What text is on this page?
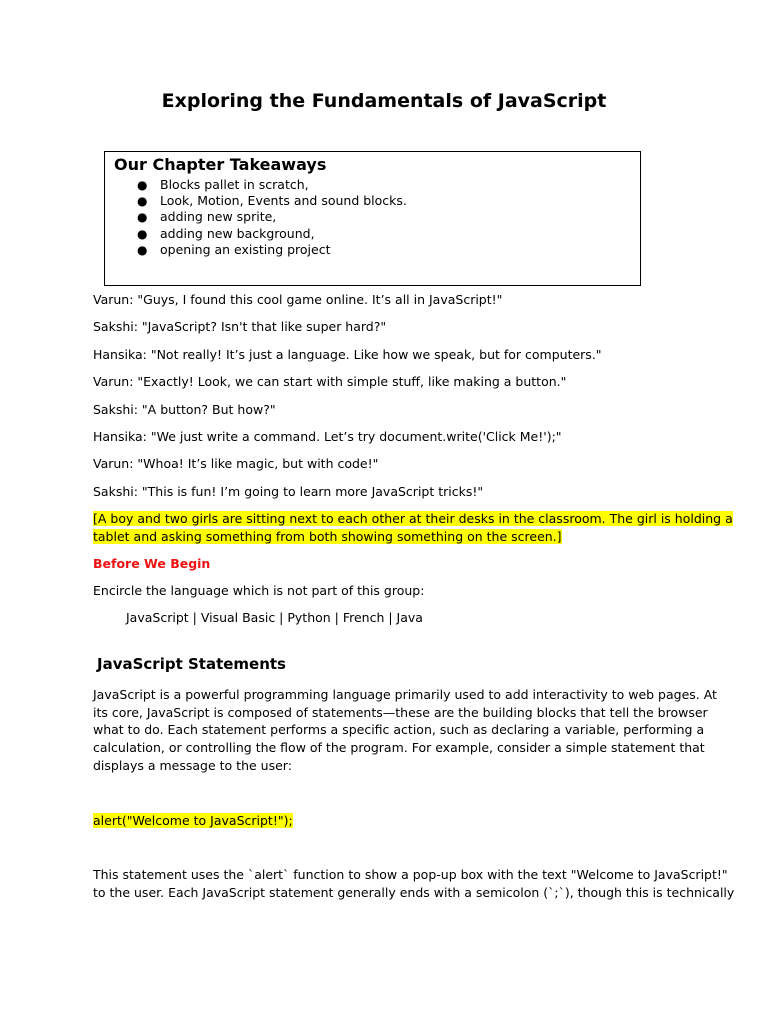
Exploring the Fundamentals of JavaScript
Our Chapter Takeaways
● Blocks pallet in scratch,
● Look, Motion, Events and sound blocks.
● adding new sprite,
● adding new background,
● opening an existing project
Varun: "Guys, I found this cool game online. It’s all in JavaScript!"
Sakshi: "JavaScript? Isn't that like super hard?"
Hansika: "Not really! It’s just a language. Like how we speak, but for computers."
Varun: "Exactly! Look, we can start with simple stuff, like making a button."
Sakshi: "A button? But how?"
Hansika: "We just write a command. Let’s try document.write('Click Me!');"
Varun: "Whoa! It’s like magic, but with code!"
Sakshi: "This is fun! I’m going to learn more JavaScript tricks!"
[A boy and two girls are sitting next to each other at their desks in the classroom. The girl is holding a
tablet and asking something from both showing something on the screen.]
Before We Begin
Encircle the language which is not part of this group:
JavaScript | Visual Basic | Python | French | Java
JavaScript Statements
JavaScript is a powerful programming language primarily used to add interactivity to web pages. At
its core, JavaScript is composed of statements—these are the building blocks that tell the browser
what to do. Each statement performs a specific action, such as declaring a variable, performing a
calculation, or controlling the flow of the program. For example, consider a simple statement that
displays a message to the user:
alert("Welcome to JavaScript!");
This statement uses the `alert` function to show a pop-up box with the text "Welcome to JavaScript!"
to the user. Each JavaScript statement generally ends with a semicolon (`;`), though this is technically
